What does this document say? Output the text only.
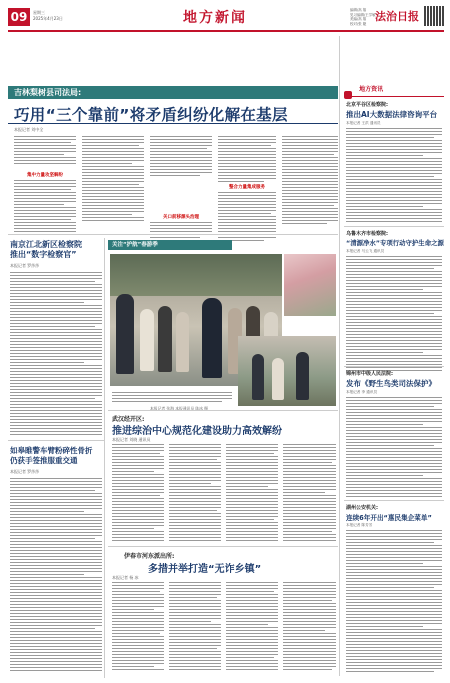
09	星期三
2025年4月23日	地方新闻	编辑/高 翔
见习编辑/王学敏
美编/高 翔
校对/张 婕
法治日报
吉林梨树县司法局:
巧用“三个靠前”将矛盾纠纷化解在基层
本报记者 刘中全
集中力量攻坚解纷
关口前移源头治理
整合力量集成服务
南京江北新区检察院
推出“数字检察官”
本报记者 罗莎莎
如皋睢警车臂粉碎性骨折
仍获手签推服重交通
本报记者 罗莎莎
关注“护航”春游季
本报记者 张海 本报通讯员 陈冰 摄
武汉经开区:
推进综治中心规范化建设助力高效解纷
本报记者 刘晓 通讯员
伊春市河东派出所:
多措并举打造“无诈乡镇”
本报记者 杨 冰
$^{地方资讯}$
北京平谷区检察院:
推出AI大数据法律咨询平台
本报记者 王洪 通讯员
乌鲁木齐市检察院:
“清源净水”专项行动守护生命之源
本报记者 马云飞 通讯员
锦州市中级人民法院:
发布《野生鸟类司法保护》
本报记者 李 通讯员
湖州公安机关:
连续6年开出“惠民集企菜单”
本报记者 陈芳芳
